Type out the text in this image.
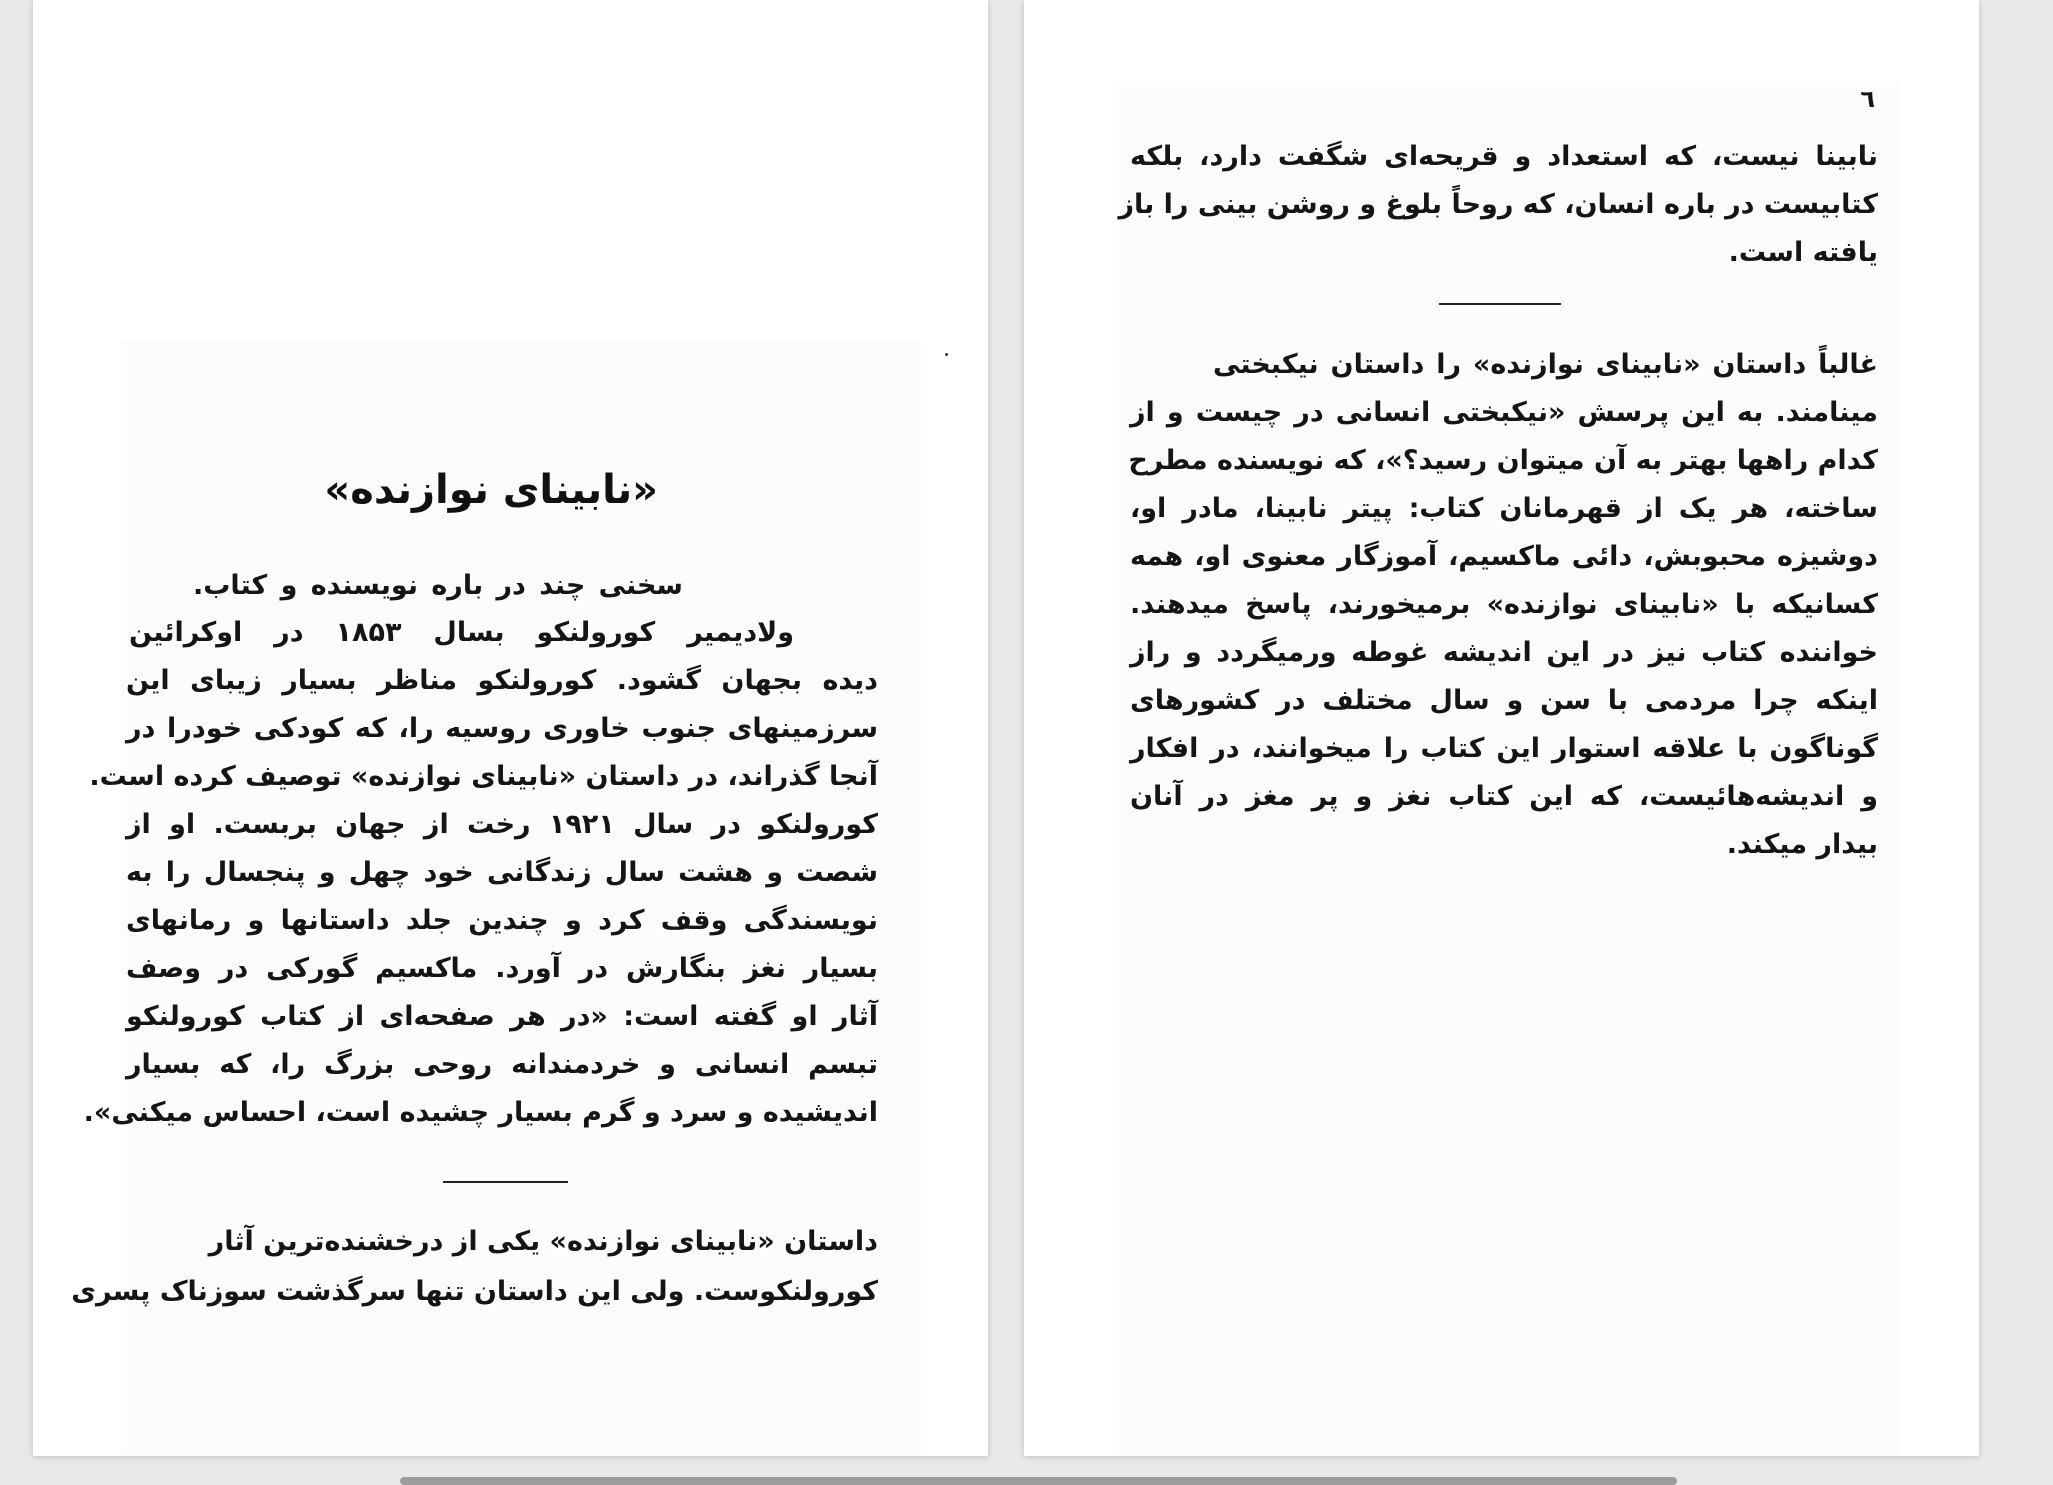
«نابینای نوازنده»
سخنی چند در باره نویسنده و کتاب.
ولادیمیر کورولنکو بسال ۱۸۵۳ در اوکرائین
دیده بجهان گشود. کورولنکو مناظر بسیار زیبای این
سرزمینهای جنوب خاوری روسیه را، که کودکی خودرا در
آنجا گذراند، در داستان «نابینای نوازنده» توصیف کرده است.
کورولنکو در سال ۱۹۲۱ رخت از جهان بربست. او از
شصت و هشت سال زندگانی خود چهل و پنجسال را به
نویسندگی وقف کرد و چندین جلد داستانها و رمانهای
بسیار نغز بنگارش در آورد. ماکسیم گورکی در وصف
آثار او گفته است: «در هر صفحه‌ای از کتاب کورولنکو
تبسم انسانی و خردمندانه روحی بزرگ را، که بسیار
اندیشیده و سرد و گرم بسیار چشیده است، احساس میکنی».
داستان «نابینای نوازنده» یکی از درخشنده‌ترین آثار
کورولنکوست. ولی این داستان تنها سرگذشت سوزناک پسری
٦
نابینا نیست، که استعداد و قریحه‌ای شگفت دارد، بلکه
کتابیست در باره انسان، که روحاً بلوغ و روشن بینی را باز
یافته است.
غالباً داستان «نابینای نوازنده» را داستان نیکبختی
مینامند. به این پرسش «نیکبختی انسانی در چیست و از
کدام راهها بهتر به آن میتوان رسید؟»، که نویسنده مطرح
ساخته، هر یک از قهرمانان کتاب: پیتر نابینا، مادر او،
دوشیزه محبوبش، دائی ماکسیم، آموزگار معنوی او، همه
کسانیکه با «نابینای نوازنده» برمیخورند، پاسخ میدهند.
خواننده کتاب نیز در این اندیشه غوطه ورمیگردد و راز
اینکه چرا مردمی با سن و سال مختلف در کشورهای
گوناگون با علاقه استوار این کتاب را میخوانند، در افکار
و اندیشه‌هائیست، که این کتاب نغز و پر مغز در آنان
بیدار میکند.
